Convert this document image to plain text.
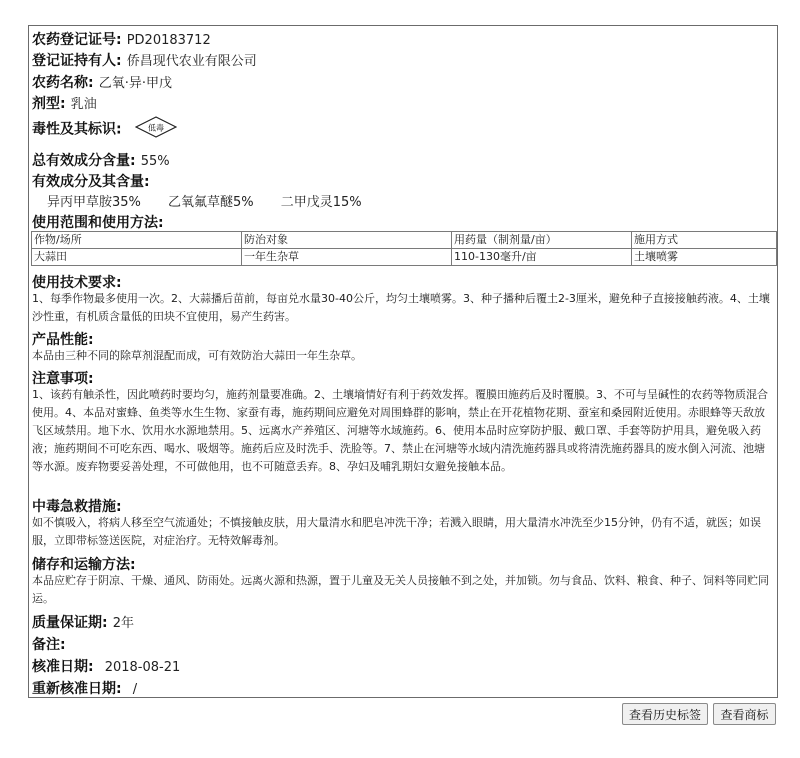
农药登记证号: PD20183712
登记证持有人: 侨昌现代农业有限公司
农药名称: 乙氧·异·甲戊
剂型: 乳油
毒性及其标识:	低毒
总有效成分含量: 55%
有效成分及其含量:
异丙甲草胺35% 乙氧氟草醚5% 二甲戊灵15%
使用范围和使用方法:
作物/场所	防治对象	用药量（制剂量/亩）	施用方式
大蒜田	一年生杂草	110-130毫升/亩	土壤喷雾
使用技术要求:
1、每季作物最多使用一次。2、大蒜播后苗前，每亩兑水量30-40公斤，均匀土壤喷雾。3、种子播种后覆土2-3厘米，避免种子直接接触药液。4、土壤沙性重，有机质含量低的田块不宜使用，易产生药害。
产品性能:
本品由三种不同的除草剂混配而成，可有效防治大蒜田一年生杂草。
注意事项:
1、该药有触杀性，因此喷药时要均匀，施药剂量要准确。2、土壤墒情好有利于药效发挥。覆膜田施药后及时覆膜。3、不可与呈碱性的农药等物质混合使用。4、本品对蜜蜂、鱼类等水生生物、家蚕有毒，施药期间应避免对周围蜂群的影响，禁止在开花植物花期、蚕室和桑园附近使用。赤眼蜂等天敌放飞区域禁用。地下水、饮用水水源地禁用。5、远离水产养殖区、河塘等水域施药。6、使用本品时应穿防护服、戴口罩、手套等防护用具，避免吸入药液；施药期间不可吃东西、喝水、吸烟等。施药后应及时洗手、洗脸等。7、禁止在河塘等水域内清洗施药器具或将清洗施药器具的废水倒入河流、池塘等水源。废弃物要妥善处理，不可做他用，也不可随意丢弃。8、孕妇及哺乳期妇女避免接触本品。
中毒急救措施:
如不慎吸入，将病人移至空气流通处；不慎接触皮肤，用大量清水和肥皂冲洗干净；若溅入眼睛，用大量清水冲洗至少15分钟，仍有不适，就医；如误服，立即带标签送医院，对症治疗。无特效解毒剂。
储存和运输方法:
本品应贮存于阴凉、干燥、通风、防雨处。远离火源和热源，置于儿童及无关人员接触不到之处，并加锁。勿与食品、饮料、粮食、种子、饲料等同贮同运。
质量保证期: 2年
备注:
核准日期: 2018-08-21
重新核准日期: /
查看历史标签	查看商标
